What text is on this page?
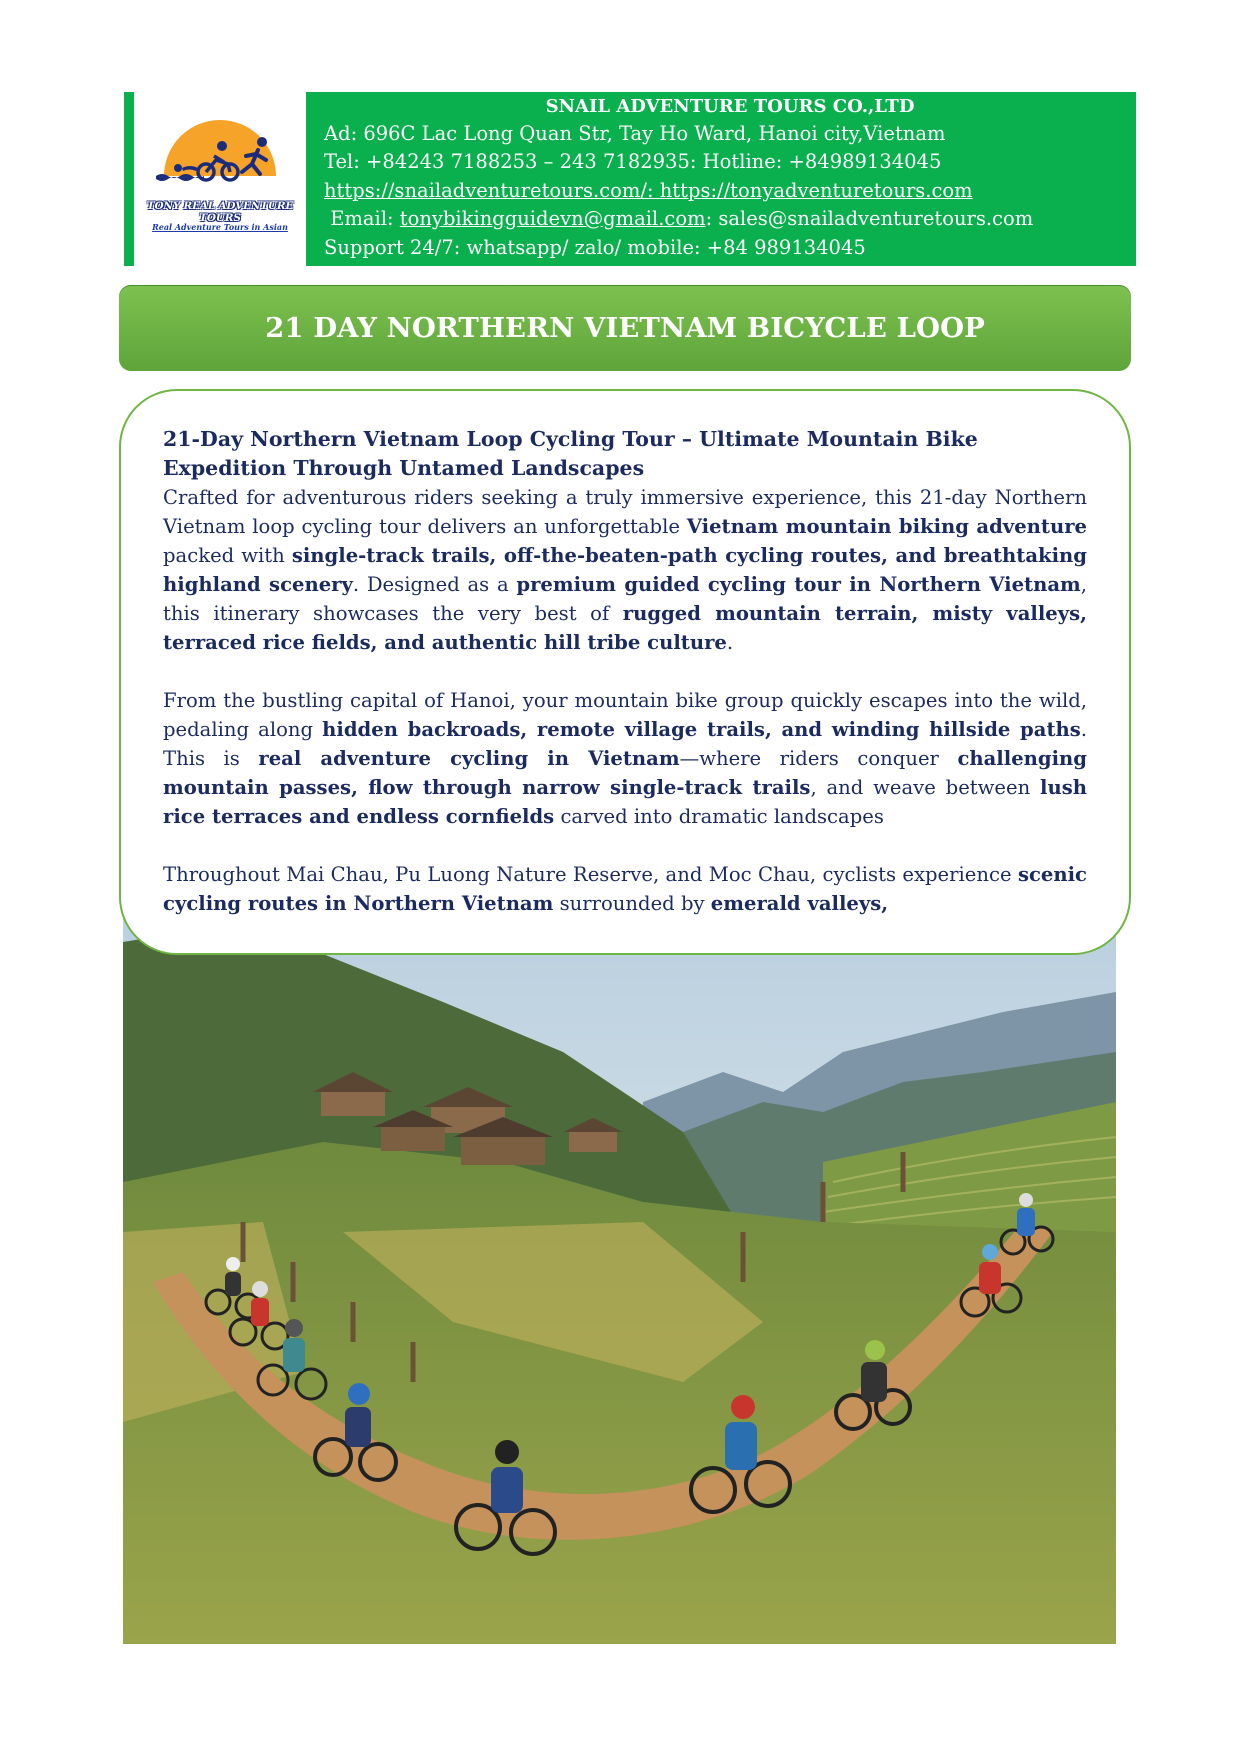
TONY REAL ADVENTURE TOURS
Real Adventure Tours in Asian
SNAIL ADVENTURE TOURS CO.,LTD
Ad: 696C Lac Long Quan Str, Tay Ho Ward, Hanoi city,Vietnam
Tel: +84243 7188253 – 243 7182935: Hotline: +84989134045
https://snailadventuretours.com/: https://tonyadventuretours.com
Email: tonybikingguidevn@gmail.com: sales@snailadventuretours.com
Support 24/7: whatsapp/ zalo/ mobile: +84 989134045
21 DAY NORTHERN VIETNAM BICYCLE LOOP
21-Day Northern Vietnam Loop Cycling Tour – Ultimate Mountain Bike Expedition Through Untamed Landscapes

Crafted for adventurous riders seeking a truly immersive experience, this 21-day Northern Vietnam loop cycling tour delivers an unforgettable Vietnam mountain biking adventure packed with single-track trails, off-the-beaten-path cycling routes, and breathtaking highland scenery. Designed as a premium guided cycling tour in Northern Vietnam, this itinerary showcases the very best of rugged mountain terrain, misty valleys, terraced rice fields, and authentic hill tribe culture.

From the bustling capital of Hanoi, your mountain bike group quickly escapes into the wild, pedaling along hidden backroads, remote village trails, and winding hillside paths. This is real adventure cycling in Vietnam—where riders conquer challenging mountain passes, flow through narrow single-track trails, and weave between lush rice terraces and endless cornfields carved into dramatic landscapes

Throughout Mai Chau, Pu Luong Nature Reserve, and Moc Chau, cyclists experience scenic cycling routes in Northern Vietnam surrounded by emerald valleys,
